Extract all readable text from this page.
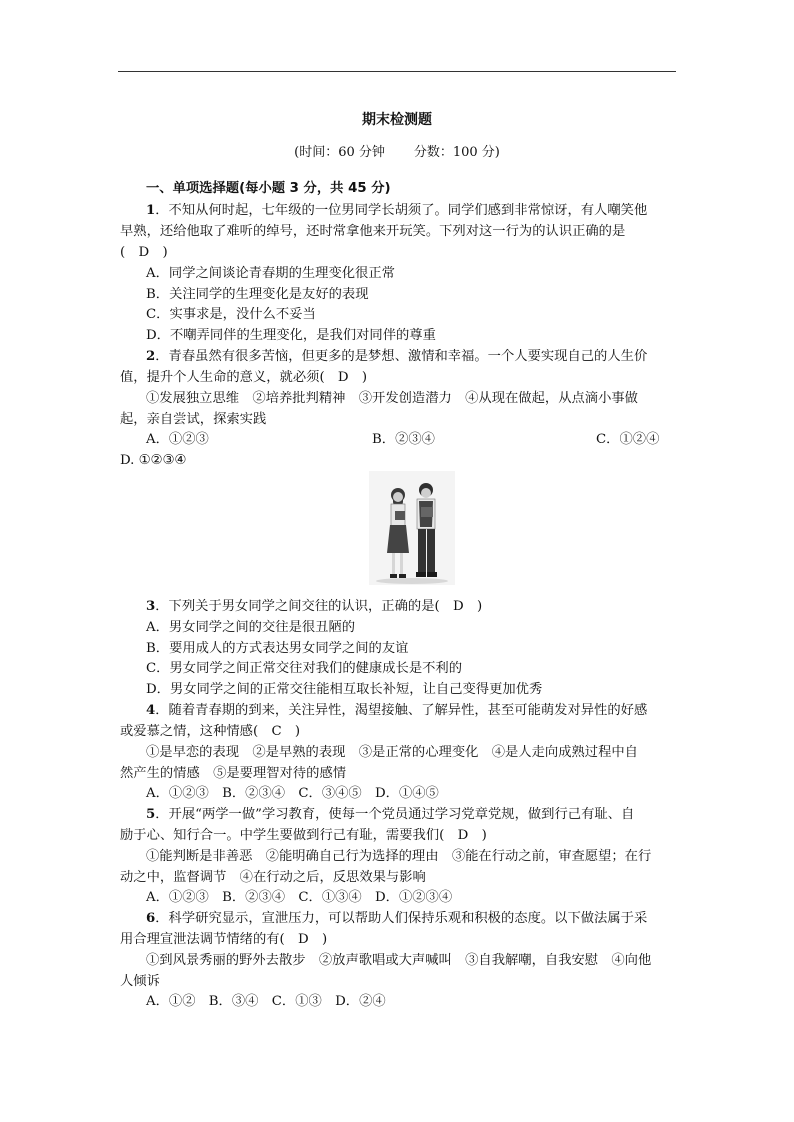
期末检测题
(时间：60 分钟       分数：100 分)
一、单项选择题(每小题 3 分，共 45 分)
1．不知从何时起，七年级的一位男同学长胡须了。同学们感到非常惊讶，有人嘲笑他
早熟，还给他取了难听的绰号，还时常拿他来开玩笑。下列对这一行为的认识正确的是
(　D　)
A．同学之间谈论青春期的生理变化很正常
B．关注同学的生理变化是友好的表现
C．实事求是，没什么不妥当
D．不嘲弄同伴的生理变化，是我们对同伴的尊重
2．青春虽然有很多苦恼，但更多的是梦想、激情和幸福。一个人要实现自己的人生价
值，提升个人生命的意义，就必须(　D　)
①发展独立思维　②培养批判精神　③开发创造潜力　④从现在做起，从点滴小事做
起，亲自尝试，探索实践
A．①②③	B．②③④	C．①②④
D. ①②③④
3．下列关于男女同学之间交往的认识，正确的是(　D　)
A．男女同学之间的交往是很丑陋的
B．要用成人的方式表达男女同学之间的友谊
C．男女同学之间正常交往对我们的健康成长是不利的
D．男女同学之间的正常交往能相互取长补短，让自己变得更加优秀
4．随着青春期的到来，关注异性，渴望接触、了解异性，甚至可能萌发对异性的好感
或爱慕之情，这种情感(　C　)
①是早恋的表现　②是早熟的表现　③是正常的心理变化　④是人走向成熟过程中自
然产生的情感　⑤是要理智对待的感情
A．①②③　B．②③④　C．③④⑤　D．①④⑤
5．开展“两学一做”学习教育，使每一个党员通过学习党章党规，做到行己有耻、自
励于心、知行合一。中学生要做到行己有耻，需要我们(　D　)
①能判断是非善恶　②能明确自己行为选择的理由　③能在行动之前，审查愿望；在行
动之中，监督调节　④在行动之后，反思效果与影响
A．①②③　B．②③④　C．①③④　D．①②③④
6．科学研究显示，宣泄压力，可以帮助人们保持乐观和积极的态度。以下做法属于采
用合理宣泄法调节情绪的有(　D　)
①到风景秀丽的野外去散步　②放声歌唱或大声喊叫　③自我解嘲，自我安慰　④向他
人倾诉
A．①②　B．③④　C．①③　D．②④
